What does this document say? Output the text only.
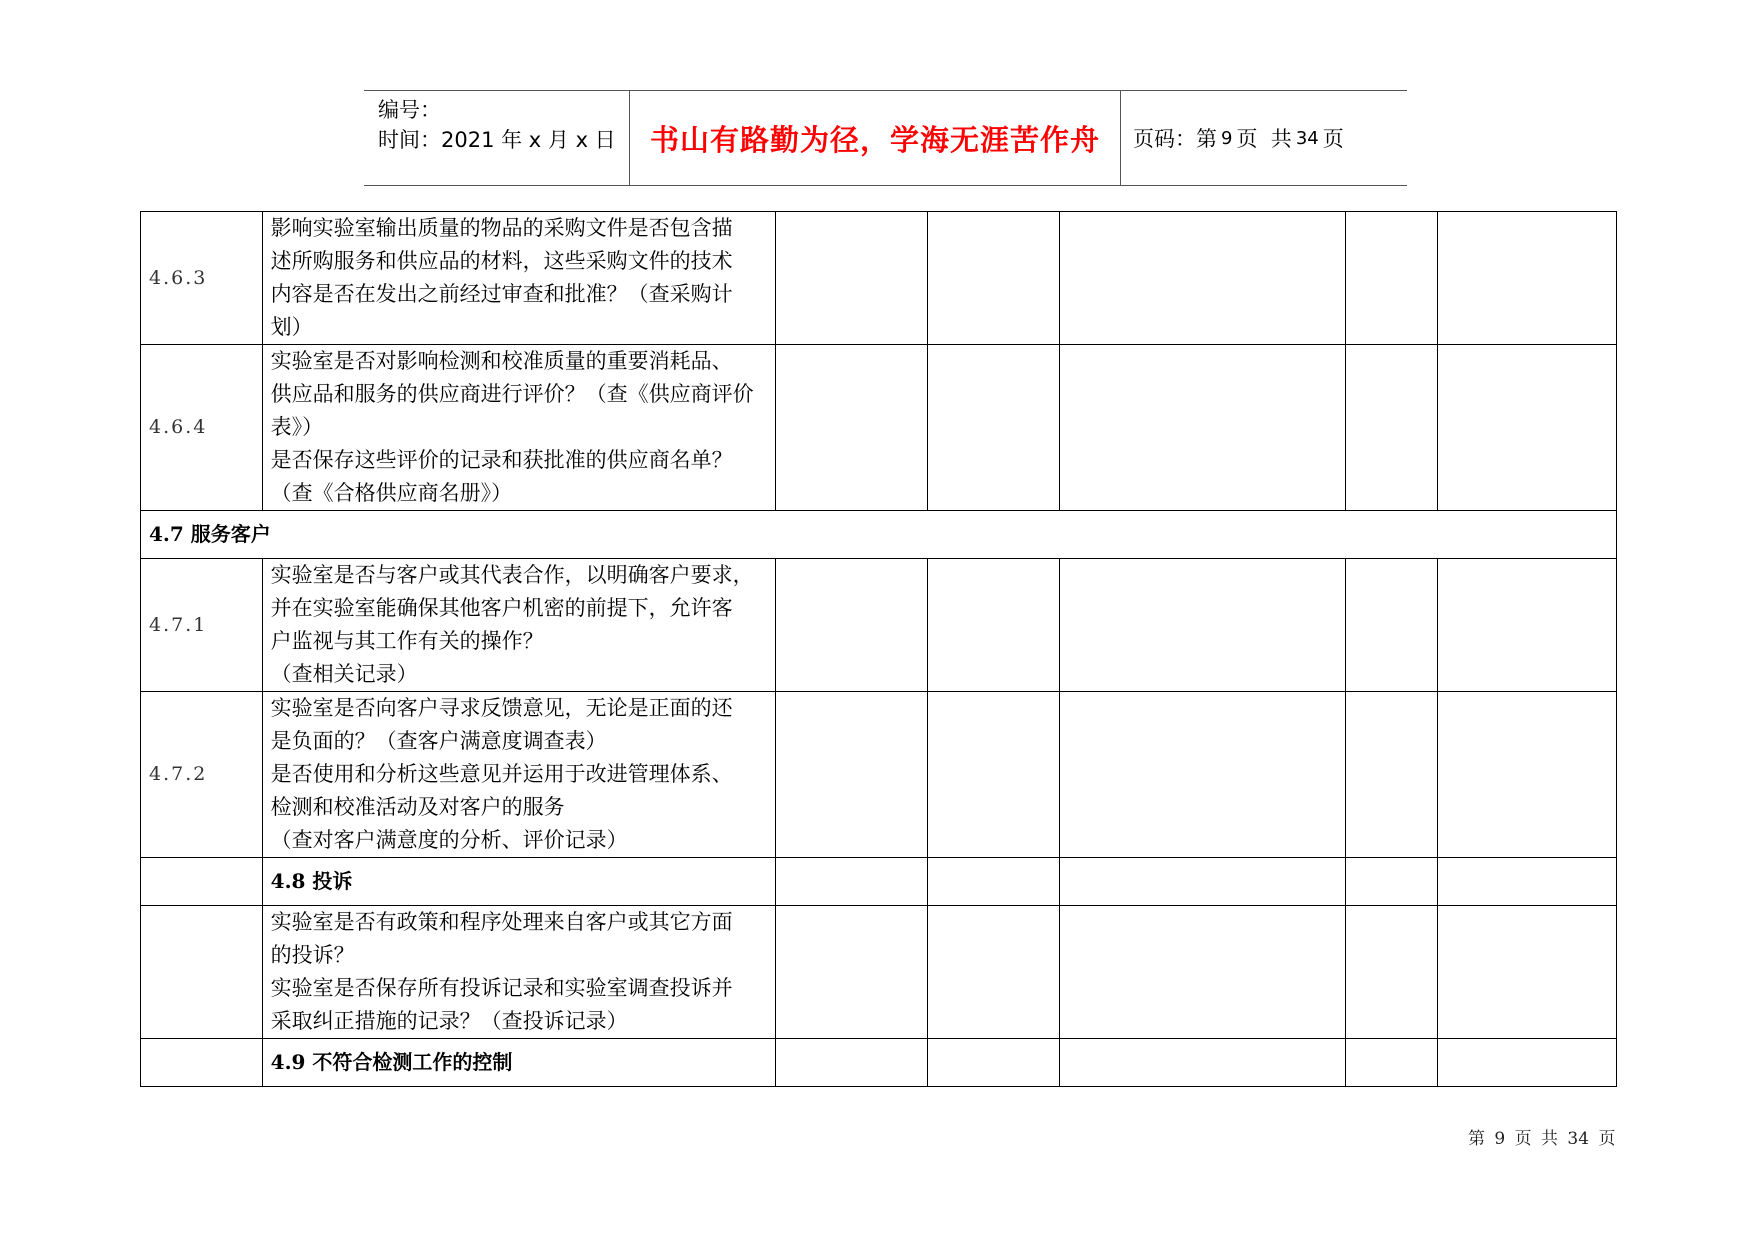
编号：
时间：2021 年 x 月 x 日	书山有路勤为径，学海无涯苦作舟	页码：第 9 页  共 34 页
4.6.3	影响实验室输出质量的物品的采购文件是否包含描
述所购服务和供应品的材料，这些采购文件的技术
内容是否在发出之前经过审查和批准？（查采购计
划）					

4.6.4	实验室是否对影响检测和校准质量的重要消耗品、
供应品和服务的供应商进行评价？（查《供应商评价
表》）
是否保存这些评价的记录和获批准的供应商名单？
（查《合格供应商名册》）					

4.7 服务客户						
4.7.1	实验室是否与客户或其代表合作，以明确客户要求，
并在实验室能确保其他客户机密的前提下，允许客
户监视与其工作有关的操作？
（查相关记录）					

4.7.2	实验室是否向客户寻求反馈意见，无论是正面的还
是负面的？（查客户满意度调查表）
是否使用和分析这些意见并运用于改进管理体系、
检测和校准活动及对客户的服务
（查对客户满意度的分析、评价记录）					

	4.8 投诉					

	实验室是否有政策和程序处理来自客户或其它方面
的投诉？
实验室是否保存所有投诉记录和实验室调查投诉并
采取纠正措施的记录？（查投诉记录）					

	4.9 不符合检测工作的控制					
第 9 页 共 34 页
